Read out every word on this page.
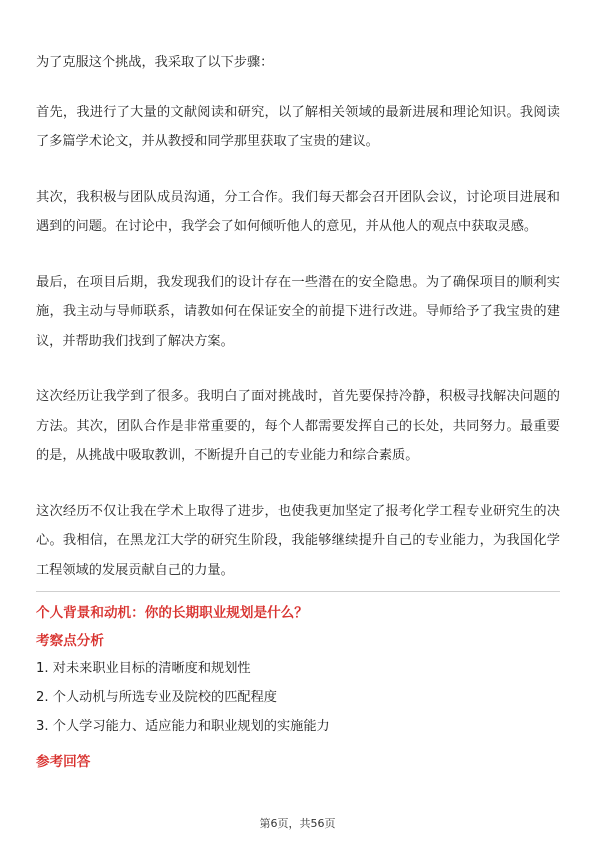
为了克服这个挑战，我采取了以下步骤：

首先，我进行了大量的文献阅读和研究，以了解相关领域的最新进展和理论知识。我阅读了多篇学术论文，并从教授和同学那里获取了宝贵的建议。

其次，我积极与团队成员沟通，分工合作。我们每天都会召开团队会议，讨论项目进展和遇到的问题。在讨论中，我学会了如何倾听他人的意见，并从他人的观点中获取灵感。

最后，在项目后期，我发现我们的设计存在一些潜在的安全隐患。为了确保项目的顺利实施，我主动与导师联系，请教如何在保证安全的前提下进行改进。导师给予了我宝贵的建议，并帮助我们找到了解决方案。

这次经历让我学到了很多。我明白了面对挑战时，首先要保持冷静，积极寻找解决问题的方法。其次，团队合作是非常重要的，每个人都需要发挥自己的长处，共同努力。最重要的是，从挑战中吸取教训，不断提升自己的专业能力和综合素质。

这次经历不仅让我在学术上取得了进步，也使我更加坚定了报考化学工程专业研究生的决心。我相信，在黑龙江大学的研究生阶段，我能够继续提升自己的专业能力，为我国化学工程领域的发展贡献自己的力量。

个人背景和动机：你的长期职业规划是什么？

考察点分析

1. 对未来职业目标的清晰度和规划性
2. 个人动机与所选专业及院校的匹配程度
3. 个人学习能力、适应能力和职业规划的实施能力

参考回答

第6页，共56页
